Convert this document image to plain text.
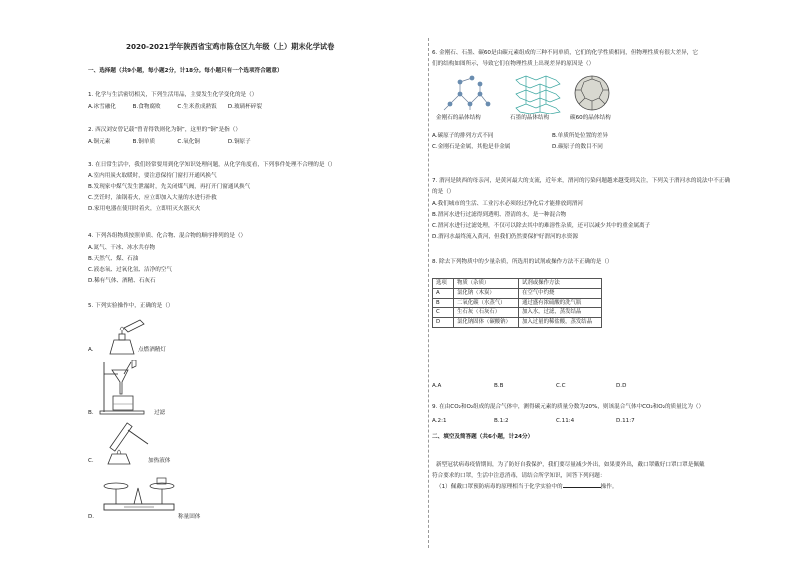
2020-2021学年陕西省宝鸡市陈仓区九年级（上）期末化学试卷
一、选择题（共9小题，每小题2分，计18分。每小题只有一个选项符合题意）
1. 化学与生活密切相关，下列生活用品，主要发生化学变化的是（）
A.冰雪融化　　　B.食物腐败　　　C.生米煮成熟饭　　D.玻璃杯碎裂
2. 西汉刘安曾记载“曾青得铁则化为铜”，这里的“铜”是指（）
A.铜元素　　　　B.铜单质　　　　C.氧化铜　　　　　D.铜原子
3. 在日常生活中，我们经常要用到化学知识处理问题，从化学角度看，下列事件处理不合理的是（）
A.室内用炭火取暖时，要注意保持门窗打开通风换气
B.发现家中煤气发生泄漏时，先关闭煤气阀，再打开门窗通风换气
C.烹饪时，油锅着火，应立即加入大量的水进行扑救
D.家用电器在使用时着火，立即用灭火器灭火
4. 下列各组物质按照单质、化合物、混合物的顺序排列的是（）
A.氮气、干冰、冰水共存物
B.天然气、煤、石油
C.液态氧、过氧化氢、洁净的空气
D.稀有气体、酒精、石灰石
5. 下列实验操作中，正确的是（）
A.	点燃酒精灯
B.	过滤
C.	加热液体
D.	称量固体
6. 金刚石、石墨、碳60是由碳元素组成的三种不同单质，它们的化学性质相同，但物理性质有很大差异，它
们的结构如图所示，导致它们在物理性质上出现差异的原因是（）
金刚石的晶体结构	石墨的晶体结构	碳60的晶体结构
A.碳原子的排列方式不同	B.单质所处位置的差异
C.金刚石是金属，其他是非金属	D.碳原子的数目不同
7. 渭河是陕西的母亲河，是黄河最大的支流，近年来，渭河的污染问题越来越受到关注，下列关于渭河水的说法中不正确
的是（）
A.我们城市的生活、工业污水必须经过净化后才能排放到渭河
B.渭河水进行过滤得到透明、澄清的水，是一种混合物
C.渭河水进行过滤处理，不仅可以除去其中的难溶性杂质，还可以减少其中的重金属离子
D.渭河水最终流入黄河，但我们仍然要保护好渭河的水资源
8. 除去下列物质中的少量杂质，所选用的试剂或操作方法不正确的是（）
选项	物质（杂质）	试剂或操作方法
A	氯化钠（木炭）	在空气中灼烧
B	二氧化碳（水蒸气）	通过盛有浓硫酸的洗气瓶
C	生石灰（石灰石）	加入水，过滤，蒸发结晶
D	氯化钠固体（碳酸钠）	加入过量的稀盐酸，蒸发结晶
A.A	B.B	C.C	D.D
9. 在由CO₂和O₂组成的混合气体中，测得碳元素的质量分数为20%，则该混合气体中CO₂和O₂的质量比为（）
A.2:1	B.1:2	C.11:4	D.11:7
二、填空及简答题（共6小题，计24分）
新型冠状病毒疫情期间，为了防好自我保护，我们要尽量减少外出，如果要外出，戴口罩戴好口罩口罩是佩戴
符合要求的口罩，生活中注意消毒，请结合所学知识，回答下列问题：
（1）佩戴口罩预防病毒的原理相当于化学实验中的	操作。
